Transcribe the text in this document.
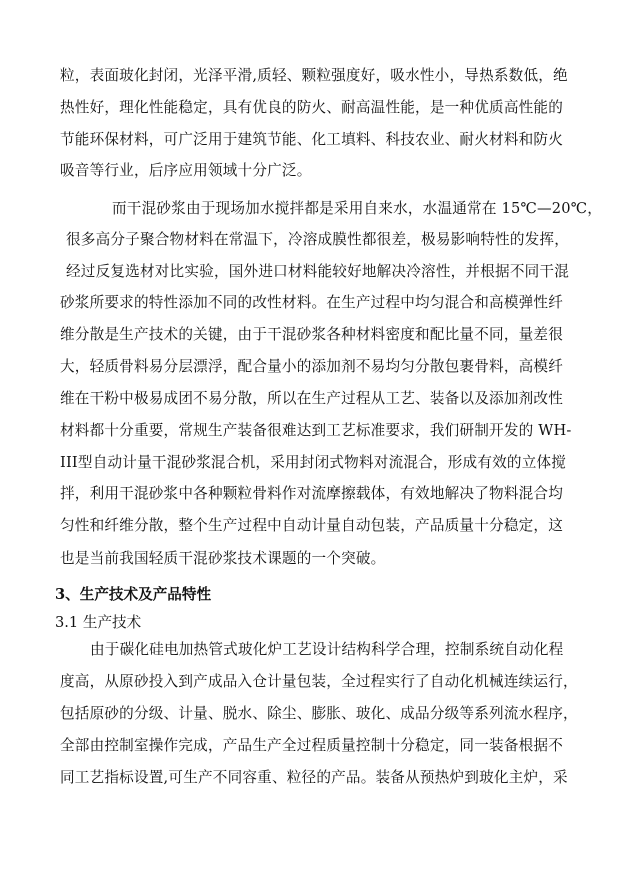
粒，表面玻化封闭，光泽平滑,质轻、颗粒强度好，吸水性小，导热系数低，绝
热性好，理化性能稳定，具有优良的防火、耐高温性能，是一种优质高性能的
节能环保材料，可广泛用于建筑节能、化工填料、科技农业、耐火材料和防火
吸音等行业，后序应用领域十分广泛。
而干混砂浆由于现场加水搅拌都是采用自来水，水温通常在 15℃—20℃，
很多高分子聚合物材料在常温下，冷溶成膜性都很差，极易影响特性的发挥，
经过反复选材对比实验，国外进口材料能较好地解决冷溶性，并根据不同干混
砂浆所要求的特性添加不同的改性材料。在生产过程中均匀混合和高模弹性纤
维分散是生产技术的关键，由于干混砂浆各种材料密度和配比量不同，量差很
大，轻质骨料易分层漂浮，配合量小的添加剂不易均匀分散包裹骨料，高模纤
维在干粉中极易成团不易分散，所以在生产过程从工艺、装备以及添加剂改性
材料都十分重要，常规生产装备很难达到工艺标准要求，我们研制开发的 WH-
III型自动计量干混砂浆混合机，采用封闭式物料对流混合，形成有效的立体搅
拌，利用干混砂浆中各种颗粒骨料作对流摩擦载体，有效地解决了物料混合均
匀性和纤维分散，整个生产过程中自动计量自动包装，产品质量十分稳定，这
也是当前我国轻质干混砂浆技术课题的一个突破。
3、生产技术及产品特性
3.1 生产技术
由于碳化硅电加热管式玻化炉工艺设计结构科学合理，控制系统自动化程
度高，从原砂投入到产成品入仓计量包装，全过程实行了自动化机械连续运行，
包括原砂的分级、计量、脱水、除尘、膨胀、玻化、成品分级等系列流水程序，
全部由控制室操作完成，产品生产全过程质量控制十分稳定，同一装备根据不
同工艺指标设置,可生产不同容重、粒径的产品。装备从预热炉到玻化主炉，采
